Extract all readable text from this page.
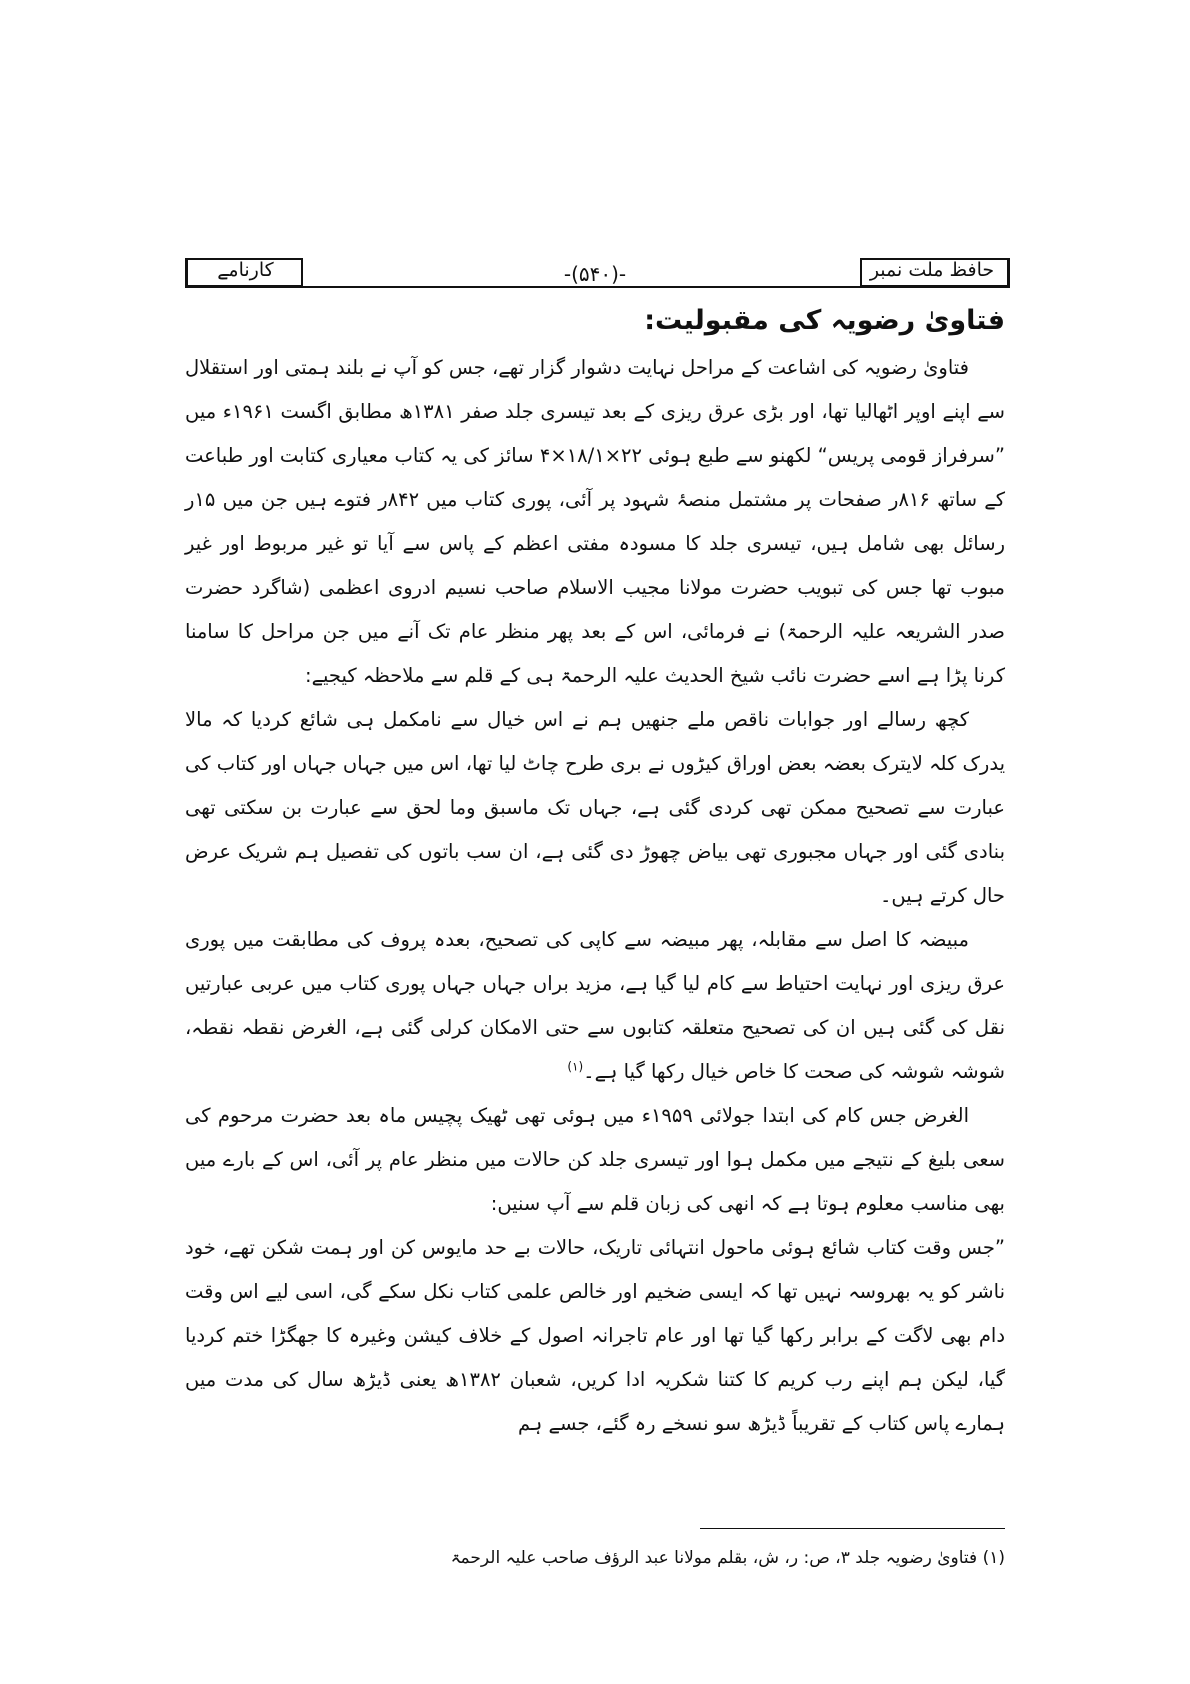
کارنامے	-(۵۴۰)-	حافظ ملت نمبر
فتاویٰ رضویہ کی مقبولیت:

فتاویٰ رضویہ کی اشاعت کے مراحل نہایت دشوار گزار تھے، جس کو آپ نے بلند ہمتی اور استقلال سے اپنے اوپر اٹھالیا تھا، اور بڑی عرق ریزی کے بعد تیسری جلد صفر ۱۳۸۱ھ مطابق اگست ۱۹۶۱ء میں ”سرفراز قومی پریس“ لکھنو سے طبع ہوئی ۲۲×۱۸/۱×۴ سائز کی یہ کتاب معیاری کتابت اور طباعت کے ساتھ ۸۱۶ر صفحات پر مشتمل منصۂ شہود پر آئی، پوری کتاب میں ۸۴۲ر فتوے ہیں جن میں ۱۵ر رسائل بھی شامل ہیں، تیسری جلد کا مسودہ مفتی اعظم کے پاس سے آیا تو غیر مربوط اور غیر مبوب تھا جس کی تبویب حضرت مولانا مجیب الاسلام صاحب نسیم ادروی اعظمی (شاگرد حضرت صدر الشریعہ علیہ الرحمۃ) نے فرمائی، اس کے بعد پھر منظر عام تک آنے میں جن مراحل کا سامنا کرنا پڑا ہے اسے حضرت نائب شیخ الحدیث علیہ الرحمۃ ہی کے قلم سے ملاحظہ کیجیے:

کچھ رسالے اور جوابات ناقص ملے جنھیں ہم نے اس خیال سے نامکمل ہی شائع کردیا کہ مالا یدرک کلہ لایترک بعضہ بعض اوراق کیڑوں نے بری طرح چاٹ لیا تھا، اس میں جہاں جہاں اور کتاب کی عبارت سے تصحیح ممکن تھی کردی گئی ہے، جہاں تک ماسبق وما لحق سے عبارت بن سکتی تھی بنادی گئی اور جہاں مجبوری تھی بیاض چھوڑ دی گئی ہے، ان سب باتوں کی تفصیل ہم شریک عرض حال کرتے ہیں۔

مبیضہ کا اصل سے مقابلہ، پھر مبیضہ سے کاپی کی تصحیح، بعدہ پروف کی مطابقت میں پوری عرق ریزی اور نہایت احتیاط سے کام لیا گیا ہے، مزید براں جہاں جہاں پوری کتاب میں عربی عبارتیں نقل کی گئی ہیں ان کی تصحیح متعلقہ کتابوں سے حتی الامکان کرلی گئی ہے، الغرض نقطہ نقطہ، شوشہ شوشہ کی صحت کا خاص خیال رکھا گیا ہے۔$^{(۱)}$

الغرض جس کام کی ابتدا جولائی ۱۹۵۹ء میں ہوئی تھی ٹھیک پچیس ماہ بعد حضرت مرحوم کی سعی بلیغ کے نتیجے میں مکمل ہوا اور تیسری جلد کن حالات میں منظر عام پر آئی، اس کے بارے میں بھی مناسب معلوم ہوتا ہے کہ انھی کی زبان قلم سے آپ سنیں:

”جس وقت کتاب شائع ہوئی ماحول انتہائی تاریک، حالات بے حد مایوس کن اور ہمت شکن تھے، خود ناشر کو یہ بھروسہ نہیں تھا کہ ایسی ضخیم اور خالص علمی کتاب نکل سکے گی، اسی لیے اس وقت دام بھی لاگت کے برابر رکھا گیا تھا اور عام تاجرانہ اصول کے خلاف کیشن وغیرہ کا جھگڑا ختم کردیا گیا، لیکن ہم اپنے رب کریم کا کتنا شکریہ ادا کریں، شعبان ۱۳۸۲ھ یعنی ڈیڑھ سال کی مدت میں ہمارے پاس کتاب کے تقریباً ڈیڑھ سو نسخے رہ گئے، جسے ہم

(۱) فتاویٰ رضویہ جلد ۳، ص: ر، ش، بقلم مولانا عبد الرؤف صاحب علیہ الرحمۃ
